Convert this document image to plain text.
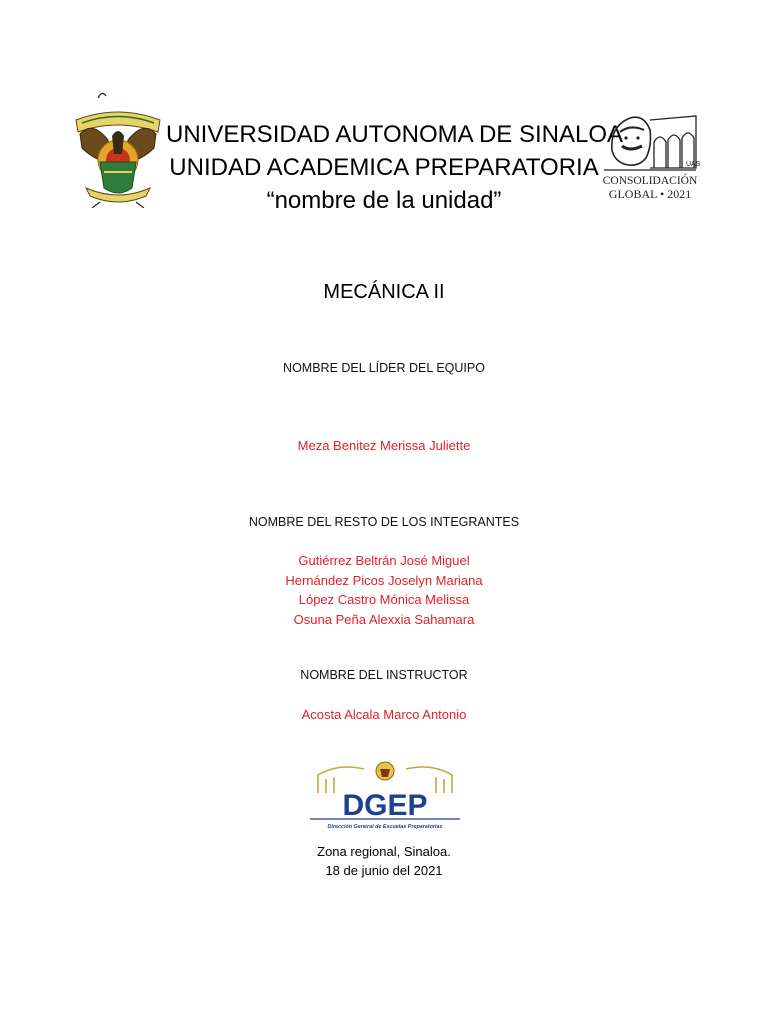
UNIVERSIDAD AUTONOMA DE SINALOA
UNIDAD ACADEMICA PREPARATORIA
“nombre de la unidad”
UAS
CONSOLIDACIÓN
GLOBAL • 2021
MECÁNICA II
NOMBRE DEL LÍDER DEL EQUIPO
Meza Benitez Merissa Juliette
NOMBRE DEL RESTO DE LOS INTEGRANTES
Gutiérrez Beltrán José Miguel
Hernández Picos Joselyn Mariana
López Castro Mónica Melissa
Osuna Peña Alexxia Sahamara
NOMBRE DEL INSTRUCTOR
Acosta Alcala Marco Antonio
DGEP
Dirección General de Escuelas Preparatorias
Zona regional, Sinaloa.
18 de junio del 2021
